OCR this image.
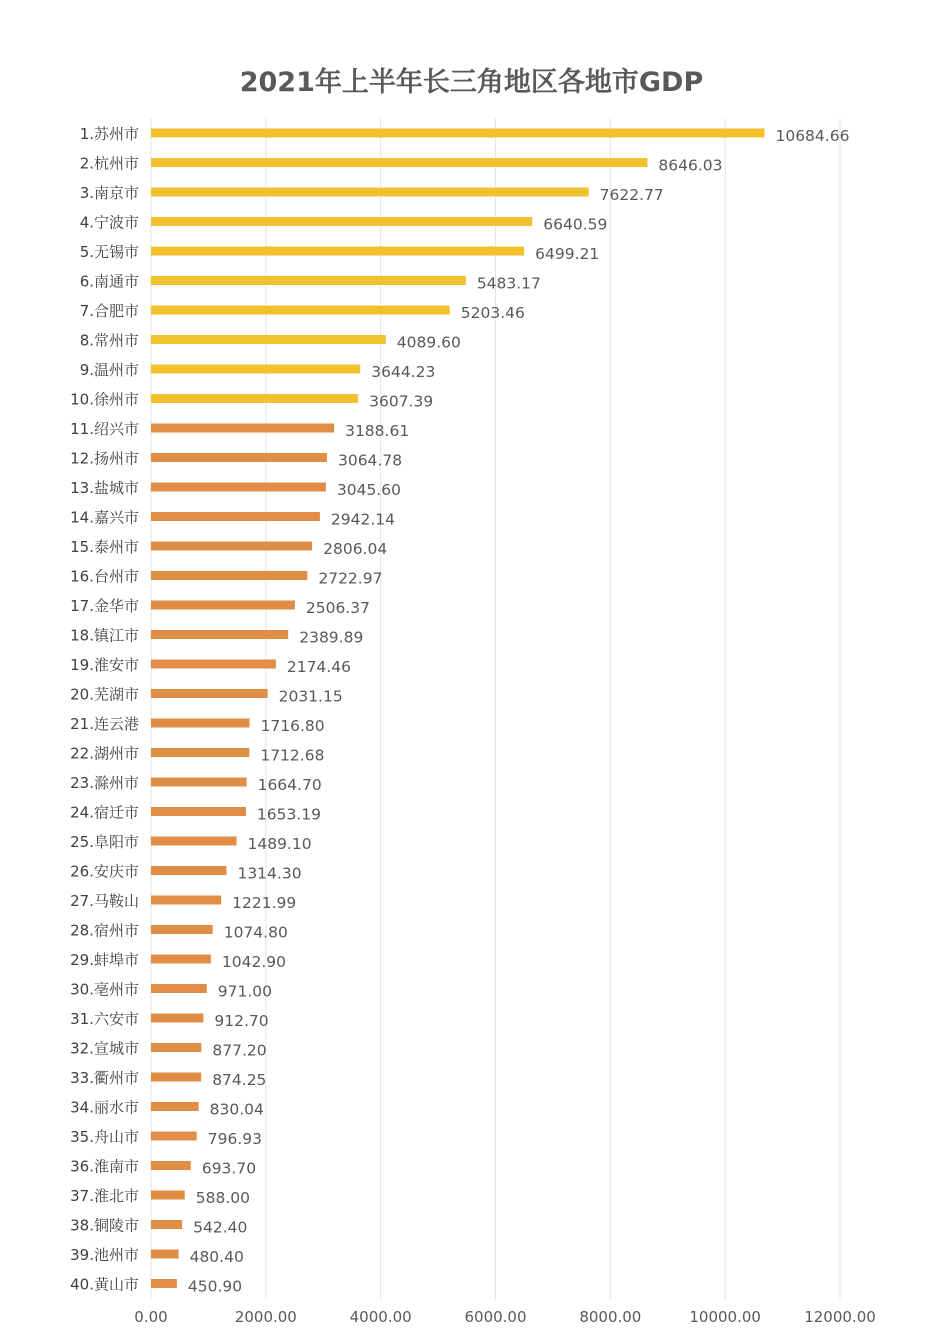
2021年上半年长三角地区各地市GDP
0.00	2000.00	4000.00	6000.00	8000.00	10000.00	12000.00
1.苏州市	10684.66
2.杭州市	8646.03
3.南京市	7622.77
4.宁波市	6640.59
5.无锡市	6499.21
6.南通市	5483.17
7.合肥市	5203.46
8.常州市	4089.60
9.温州市	3644.23
10.徐州市	3607.39
11.绍兴市	3188.61
12.扬州市	3064.78
13.盐城市	3045.60
14.嘉兴市	2942.14
15.泰州市	2806.04
16.台州市	2722.97
17.金华市	2506.37
18.镇江市	2389.89
19.淮安市	2174.46
20.芜湖市	2031.15
21.连云港	1716.80
22.湖州市	1712.68
23.滁州市	1664.70
24.宿迁市	1653.19
25.阜阳市	1489.10
26.安庆市	1314.30
27.马鞍山	1221.99
28.宿州市	1074.80
29.蚌埠市	1042.90
30.亳州市	971.00
31.六安市	912.70
32.宣城市	877.20
33.衢州市	874.25
34.丽水市	830.04
35.舟山市	796.93
36.淮南市	693.70
37.淮北市	588.00
38.铜陵市	542.40
39.池州市	480.40
40.黄山市	450.90
